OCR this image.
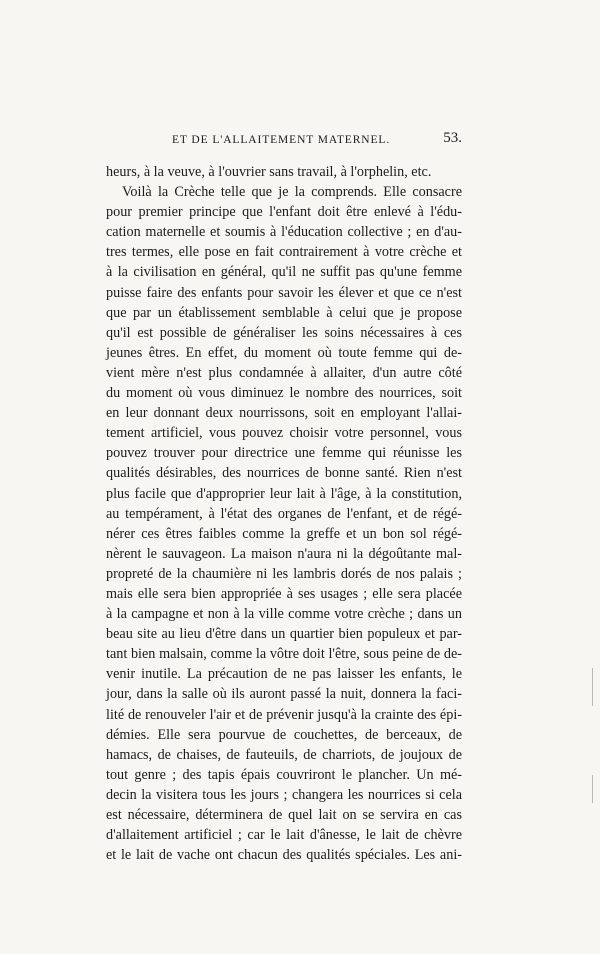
ET DE L'ALLAITEMENT MATERNEL.	53.
heurs, à la veuve, à l'ouvrier sans travail, à l'orphelin, etc.
Voilà la Crèche telle que je la comprends. Elle consacre
pour premier principe que l'enfant doit être enlevé à l'édu-
cation maternelle et soumis à l'éducation collective ; en d'au-
tres termes, elle pose en fait contrairement à votre crèche et
à la civilisation en général, qu'il ne suffit pas qu'une femme
puisse faire des enfants pour savoir les élever et que ce n'est
que par un établissement semblable à celui que je propose
qu'il est possible de généraliser les soins nécessaires à ces
jeunes êtres. En effet, du moment où toute femme qui de-
vient mère n'est plus condamnée à allaiter, d'un autre côté
du moment où vous diminuez le nombre des nourrices, soit
en leur donnant deux nourrissons, soit en employant l'allai-
tement artificiel, vous pouvez choisir votre personnel, vous
pouvez trouver pour directrice une femme qui réunisse les
qualités désirables, des nourrices de bonne santé. Rien n'est
plus facile que d'approprier leur lait à l'âge, à la constitution,
au tempérament, à l'état des organes de l'enfant, et de régé-
nérer ces êtres faibles comme la greffe et un bon sol régé-
nèrent le sauvageon. La maison n'aura ni la dégoûtante mal-
propreté de la chaumière ni les lambris dorés de nos palais ;
mais elle sera bien appropriée à ses usages ; elle sera placée
à la campagne et non à la ville comme votre crèche ; dans un
beau site au lieu d'être dans un quartier bien populeux et par-
tant bien malsain, comme la vôtre doit l'être, sous peine de de-
venir inutile. La précaution de ne pas laisser les enfants, le
jour, dans la salle où ils auront passé la nuit, donnera la faci-
lité de renouveler l'air et de prévenir jusqu'à la crainte des épi-
démies. Elle sera pourvue de couchettes, de berceaux, de
hamacs, de chaises, de fauteuils, de charriots, de joujoux de
tout genre ; des tapis épais couvriront le plancher. Un mé-
decin la visitera tous les jours ; changera les nourrices si cela
est nécessaire, déterminera de quel lait on se servira en cas
d'allaitement artificiel ; car le lait d'ânesse, le lait de chèvre
et le lait de vache ont chacun des qualités spéciales. Les ani-
